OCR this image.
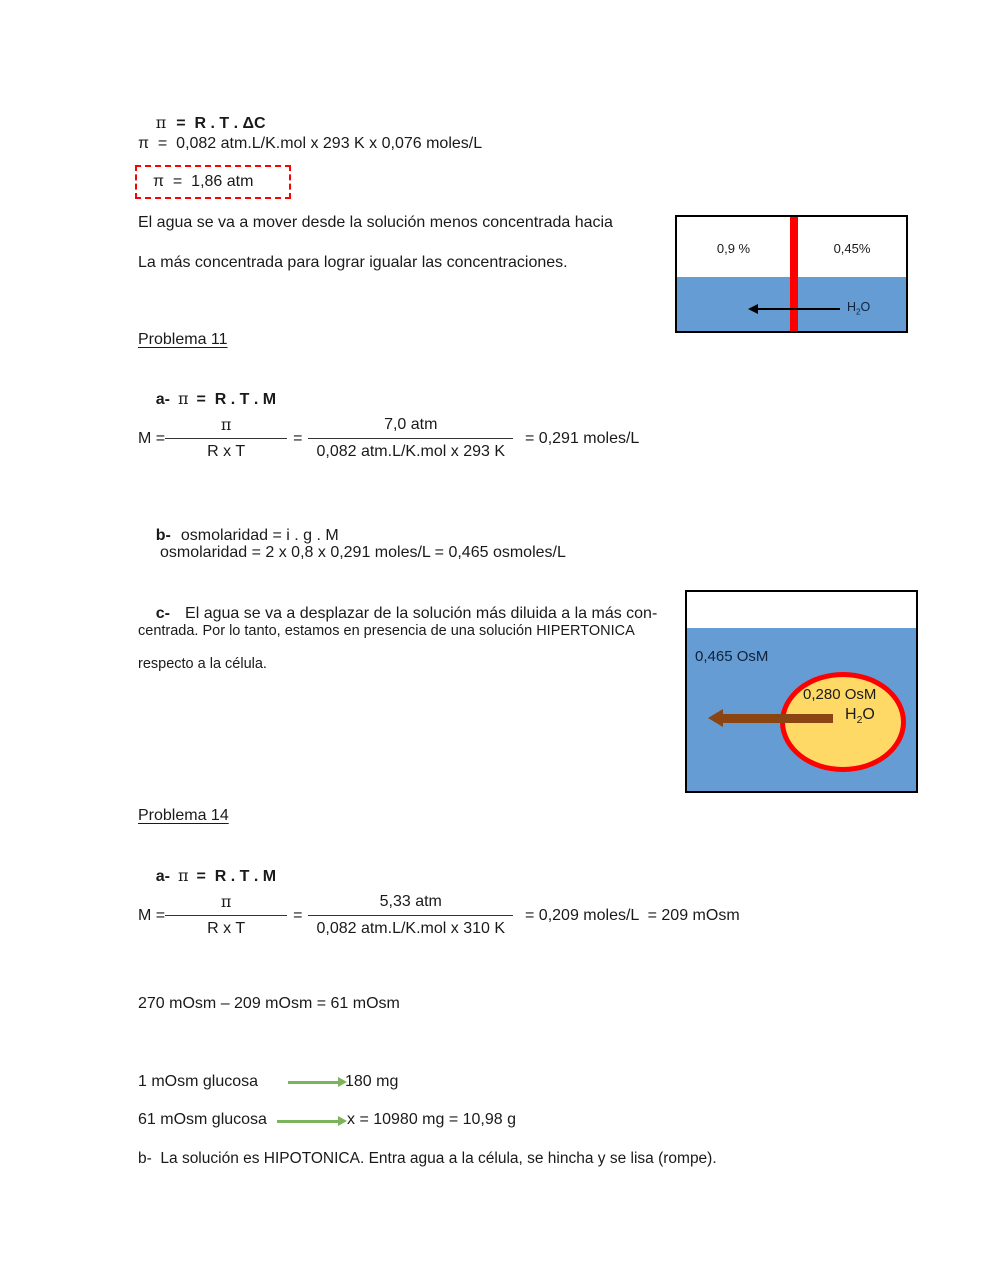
π =  R . T . ΔC

π  =  0,082 atm.L/K.mol x 293 K x 0,076 moles/L
π  =  1,86 atm
El agua se va a mover desde la solución menos concentrada hacia
La más concentrada para lograr igualar las concentraciones.
0,9 %	0,45%
$H_2O$
Problema 11

a- π =  R . T . M

$M = \frac{\pi}{\text{R x T}} = \frac{\text{7,0 atm}}{\text{0,082 atm.L/K.mol x 293 K}} = 0,291$ moles/L

b- osmolaridad = i . g . M

osmolaridad = 2 x 0,8 x 0,291 moles/L = 0,465 osmoles/L

c- El agua se va a desplazar de la solución más diluida a la más con-

centrada. Por lo tanto, estamos en presencia de una solución HIPERTONICA
respecto a la célula.	0,465 OsM
0,280 OsM
$H_2O$
Problema 14

a- π =  R . T . M

$M = \frac{\pi}{\text{R x T}} = \frac{\text{5,33 atm}}{\text{0,082 atm.L/K.mol x 310 K}} = 0,209$ moles/L  = 209 mOsm
270 mOsm – 209 mOsm = 61 mOsm
1 mOsm glucosa	180 mg
61 mOsm glucosa	x = 10980 mg = 10,98 g
b-  La solución es HIPOTONICA. Entra agua a la célula, se hincha y se lisa (rompe).
